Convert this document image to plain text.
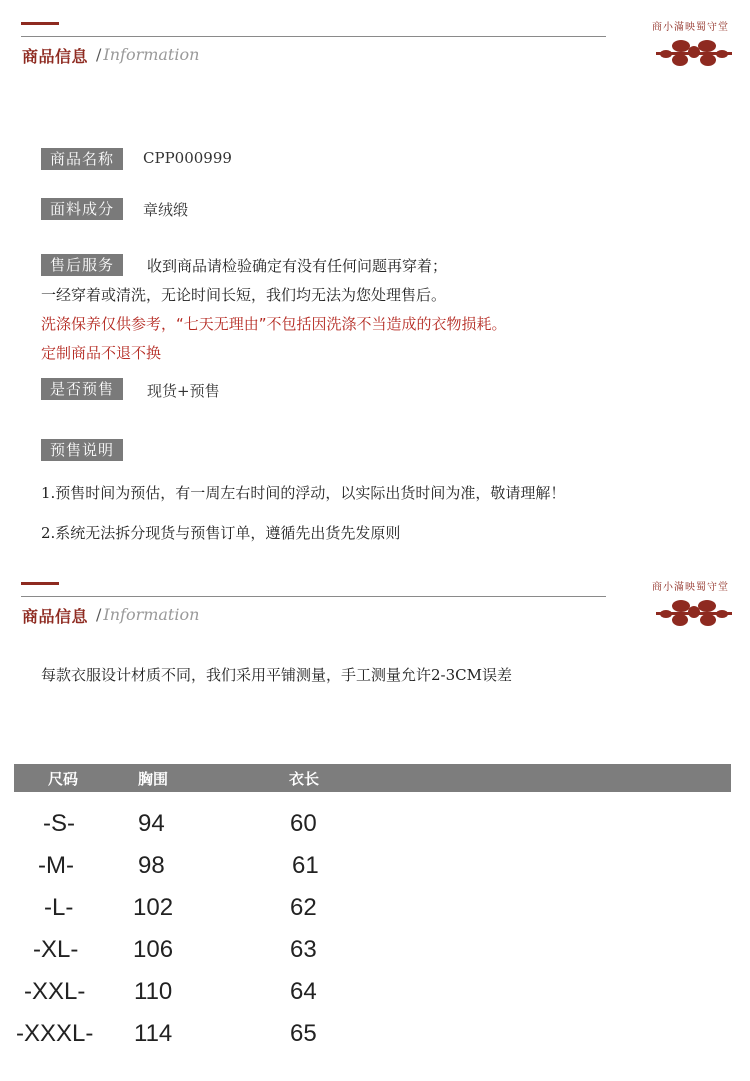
商品信息 / Information
商小滿映蜀守堂
商品名称	CPP000999
面料成分	章绒缎
售后服务	收到商品请检验确定有没有任何问题再穿着；
一经穿着或清洗，无论时间长短，我们均无法为您处理售后。
洗涤保养仅供参考，“七天无理由”不包括因洗涤不当造成的衣物损耗。
定制商品不退不换
是否预售	现货+预售
预售说明
1.预售时间为预估，有一周左右时间的浮动，以实际出货时间为准，敬请理解！
2.系统无法拆分现货与预售订单，遵循先出货先发原则
商品信息 / Information
商小滿映蜀守堂
每款衣服设计材质不同，我们采用平铺测量，手工测量允许2-3CM误差
尺码	胸围	衣长
-S-	94	60
-M-	98	61
-L- 102	62
-XL- 106	63
-XXL- 110	64
-XXXL- 114	65
